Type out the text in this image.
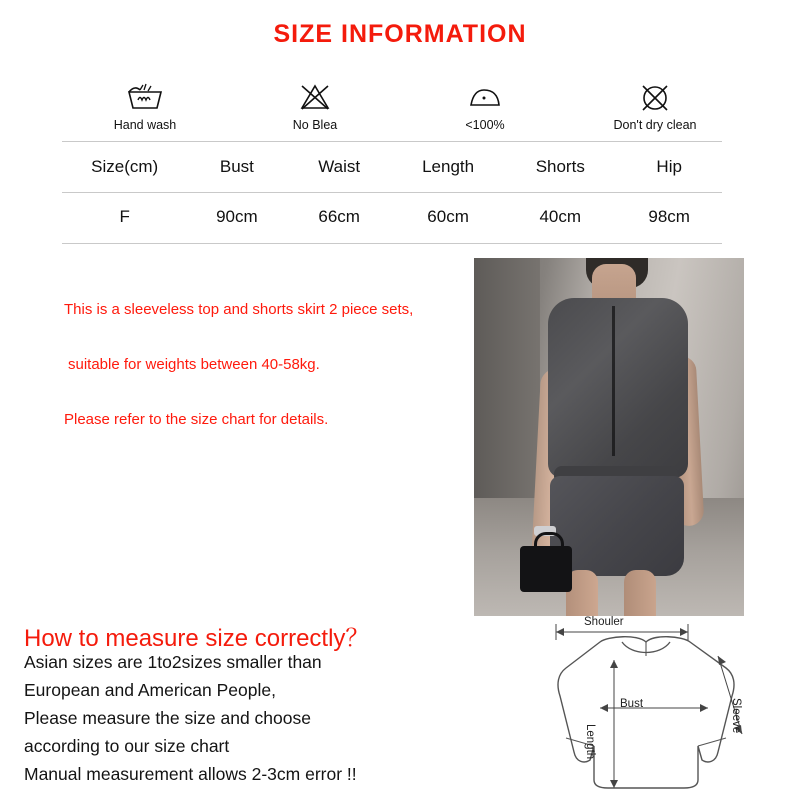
SIZE INFORMATION
Hand wash	No Blea	<100%	Don't dry clean
Size(cm)	Bust	Waist	Length	Shorts	Hip
F	90cm	66cm	60cm	40cm	98cm
This is a sleeveless top and shorts skirt 2 piece sets,
suitable for weights between 40-58kg.
Please refer to the size chart for details.
How to measure size correctly？
Asian sizes are 1to2sizes smaller than
European and American People,
Please measure the size and choose
according to our size chart
Manual measurement allows 2-3cm error !!
Shouler
Bust
Length
Sleeve
